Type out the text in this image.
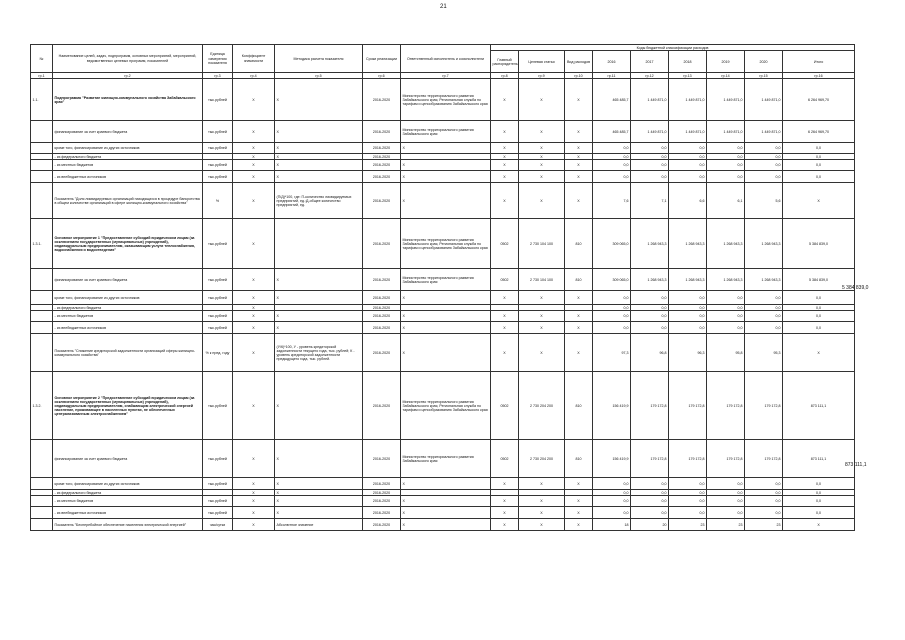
21
5 384 839,0
873 111,1
№	Наименование целей, задач, подпрограмм, основных мероприятий, мероприятий, ведомственных целевых программ, показателей	Единица измерения показателя	Коэффициент значимости	Методика расчета показателя	Сроки реализации	Ответственный исполнитель и соисполнители	Коды бюджетной классификации расходов								
							Главный распорядитель	Целевая статья	Вид расходов	2016	2017	2018	2019	2020	Итого
гр.1	гр.2	гр.3	гр.4	гр.5	гр.6	гр.7	гр.8	гр.9	гр.10	гр.11	гр.12	гр.13	гр.14	гр.15	гр.16
1.1.	Подпрограмма "Развитие жилищно-коммунального хозяйства Забайкальского края"	тыс.рублей	X	X	2016-2020	Министерство территориального развития Забайкальского края, Региональная служба по тарифам и ценообразованию Забайкальского края	X	X	X	465 485,7	1 449 871,0	1 449 871,0	1 449 871,0	1 449 871,0	6 264 969,70
	финансирование за счет краевого бюджета	тыс.рублей	X	X	2016-2020	Министерство территориального развития Забайкальского края	X	X	X	465 485,7	1 449 871,0	1 449 871,0	1 449 871,0	1 449 871,0	6 264 969,70
	кроме того, финансирование из других источников:	тыс.рублей	X	X	2016-2020	X	X	X	X	0,0	0,0	0,0	0,0	0,0	0,0
	- из федерального бюджета		X	X	2016-2020		X	X	X	0,0	0,0	0,0	0,0	0,0	0,0
	- из местных бюджетов	тыс.рублей	X	X	2016-2020	X	X	X	X	0,0	0,0	0,0	0,0	0,0	0,0
	- из внебюджетных источников	тыс.рублей	X	X	2016-2020	X	X	X	X	0,0	0,0	0,0	0,0	0,0	0,0
	Показатель "Доля ликвидируемых организаций находящихся в процедуре банкротства в общем количестве организаций в сфере жилищно-коммунального хозяйства"	%	X	(П/Д)*100, где: П-количество ликвидируемых предприятий, ед.;Д-общее количество предприятий, ед.	2016-2020	X	X	X	X	7,6	7,1	6,6	6,1	5,6	X
1.3.1.	Основное мероприятие 1 "Предоставление субсидий юридическим лицам (за исключением государственных (муниципальных) учреждений), индивидуальным предпринимателям, оказывающим услуги теплоснабжения, водоснабжения и водоотведения"	тыс.рублей	X		2016-2020	Министерство территориального развития Забайкальского края, Региональная служба по тарифам и ценообразованию Забайкальского края	0502	2 730 104 100	810	309 065,0	1 268 943,3	1 268 943,3	1 268 943,3	1 268 943,3	5 384 839,0
	финансирование за счет краевого бюджета	тыс.рублей	X	X	2016-2020	Министерство территориального развития Забайкальского края	0502	2 730 104 100	810	309 065,0	1 268 943,3	1 268 943,3	1 268 943,3	1 268 943,3	5 384 839,0
	кроме того, финансирование из других источников:	тыс.рублей	X	X	2016-2020	X	X	X	X	0,0	0,0	0,0	0,0	0,0	0,0
	- из федерального бюджета		X		2016-2020					0,0	0,0	0,0	0,0	0,0	0,0
	- из местных бюджетов	тыс.рублей	X	X	2016-2020	X	X	X	X	0,0	0,0	0,0	0,0	0,0	0,0
	- из внебюджетных источников	тыс.рублей	X	X	2016-2020	X	X	X	X	0,0	0,0	0,0	0,0	0,0	0,0
	Показатель "Снижение кредиторской задолженности организаций сферы жилищно-коммунального хозяйства"	% к пред. году	X	(У/К)*100, У - уровень кредиторской задолженности текущего года, тыс. рублей; К - уровень кредиторской задолженности предыдущего года, тыс. рублей.	2016-2020	X	X	X	X	97,3	96,8	96,3	95,8	95,3	X
1.3.2.	Основное мероприятие 2 "Предоставление субсидий юридическим лицам (за исключением государственных (муниципальных) учреждений), индивидуальным предпринимателям, снабжающим электрической энергией население, проживающее в населенных пунктах, не обеспеченных централизованным электроснабжением"	тыс.рублей	X	X	2016-2020	Министерство территориального развития Забайкальского края, Региональная служба по тарифам и ценообразованию Забайкальского края	0502	2 730 204 200	810	156 419,9	179 172,8	179 172,8	179 172,8	179 172,8	873 111,1
	финансирование за счет краевого бюджета	тыс.рублей	X	X	2016-2020	Министерство территориального развития Забайкальского края	0502	2 730 204 200	810	156 419,9	179 172,8	179 172,8	179 172,8	179 172,8	873 111,1
	кроме того, финансирование из других источников:	тыс.рублей	X	X	2016-2020	X	X	X	X	0,0	0,0	0,0	0,0	0,0	0,0
	- из федерального бюджета		X	X	2016-2020					0,0	0,0	0,0	0,0	0,0	0,0
	- из местных бюджетов	тыс.рублей	X	X	2016-2020	X	X	X	X	0,0	0,0	0,0	0,0	0,0	0,0
	- из внебюджетных источников	тыс.рублей	X	X	2016-2020	X	X	X	X	0,0	0,0	0,0	0,0	0,0	0,0
	Показатель "Бесперебойное обеспечение населения электрической энергией"	час/сутки	X	Абсолютное значение	2016-2020	X	X	X	X	18	20	23	23	23	X
